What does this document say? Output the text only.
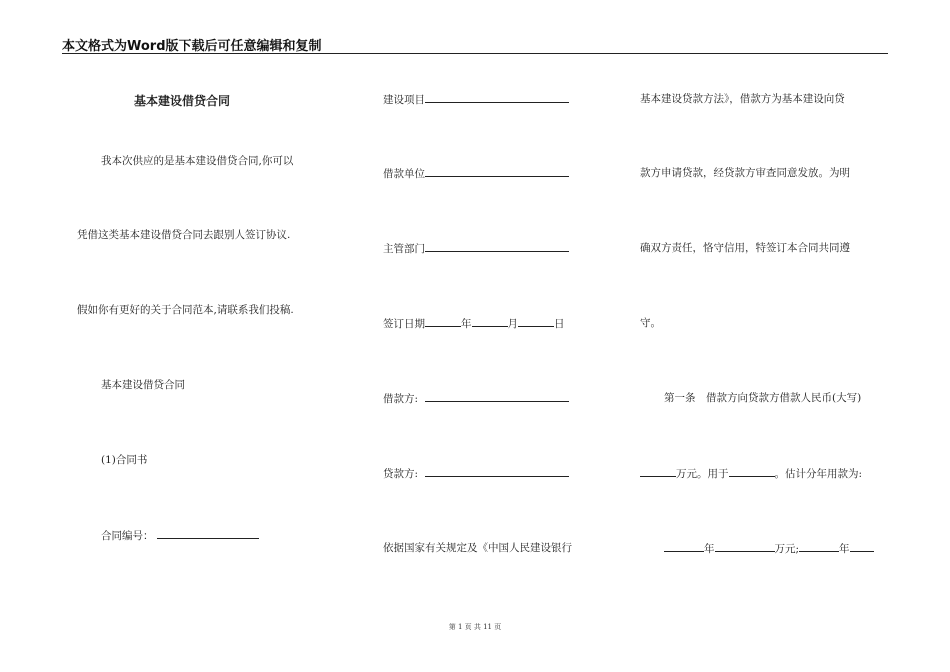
本文格式为Word版下载后可任意编辑和复制
基本建设借贷合同
我本次供应的是基本建设借贷合同,你可以
凭借这类基本建设借贷合同去跟别人签订协议.
假如你有更好的关于合同范本,请联系我们投稿.
基本建设借贷合同
(1)合同书
合同编号：
建设项目
借款单位
主管部门
签订日期	年	月	日
借款方:
贷款方:
依据国家有关规定及《中国人民建设银行
基本建设贷款方法》，借款方为基本建设向贷
款方申请贷款，经贷款方审查同意发放。为明
确双方责任，恪守信用，特签订本合同共同遵
守。
第一条　借款方向贷款方借款人民币(大写)
万元。用于	。估计分年用款为:
年	万元;	年
第 1 页 共 11 页
